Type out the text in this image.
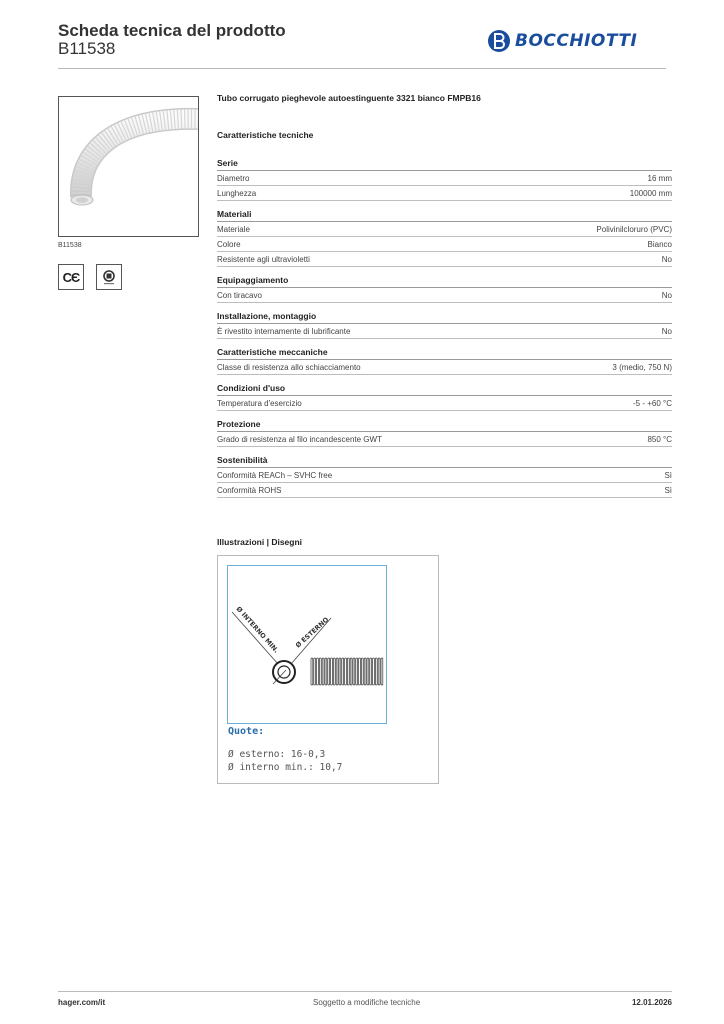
Scheda tecnica del prodotto
B11538	BOCCHIOTTI
B11538
CЄ
Tubo corrugato pieghevole autoestinguente 3321 bianco FMPB16
Caratteristiche tecniche
Serie
Diametro	16 mm
Lunghezza	100000 mm
Materiali
Materiale	Polivinilcloruro (PVC)
Colore	Bianco
Resistente agli ultravioletti	No
Equipaggiamento
Con tiracavo	No
Installazione, montaggio
È rivestito internamente di lubrificante	No
Caratteristiche meccaniche
Classe di resistenza allo schiacciamento	3 (medio, 750 N)
Condizioni d'uso
Temperatura d'esercizio	-5 - +60 °C
Protezione
Grado di resistenza al filo incandescente GWT	850 °C
Sostenibilità
Conformità REACh – SVHC free	Sì
Conformità ROHS	Sì
Illustrazioni | Disegni
Ø INTERNO MIN. Ø ESTERNO
Quote:
Ø esterno: 16-0,3
Ø interno min.: 10,7
hager.com/it	Soggetto a modifiche tecniche	12.01.2026
